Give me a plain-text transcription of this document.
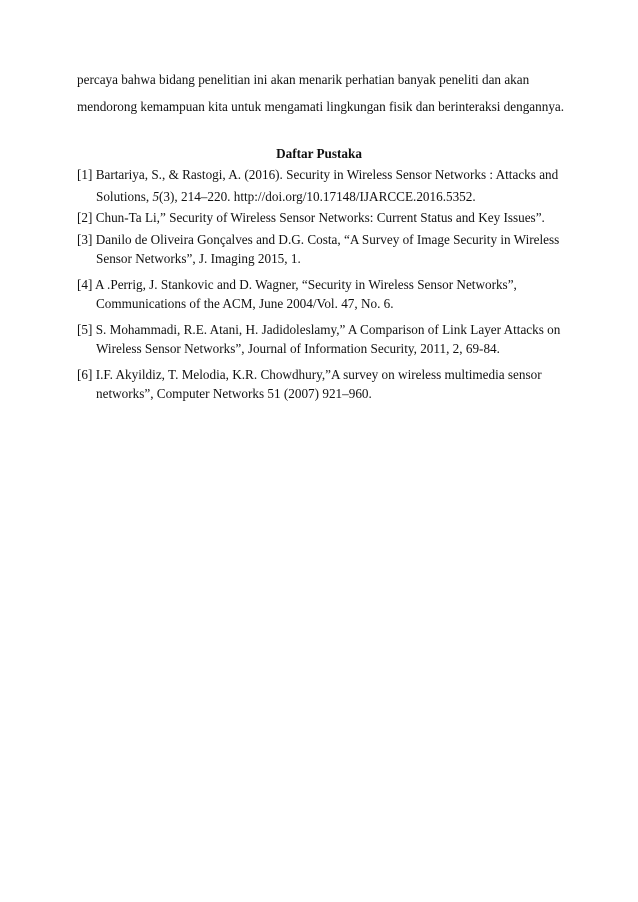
percaya bahwa bidang penelitian ini akan menarik perhatian banyak peneliti dan akan
mendorong kemampuan kita untuk mengamati lingkungan fisik dan berinteraksi dengannya.
Daftar Pustaka
[1] Bartariya, S., & Rastogi, A. (2016). Security in Wireless Sensor Networks : Attacks and
Solutions, 5(3), 214–220. http://doi.org/10.17148/IJARCCE.2016.5352.
[2] Chun-Ta Li,” Security of Wireless Sensor Networks: Current Status and Key Issues”.
[3] Danilo de Oliveira Gonçalves and D.G. Costa, “A Survey of Image Security in Wireless
Sensor Networks”, J. Imaging 2015, 1.
[4] A .Perrig, J. Stankovic and D. Wagner, “Security in Wireless Sensor Networks”,
Communications of the ACM, June 2004/Vol. 47, No. 6.
[5] S. Mohammadi, R.E. Atani, H. Jadidoleslamy,” A Comparison of Link Layer Attacks on
Wireless Sensor Networks”, Journal of Information Security, 2011, 2, 69-84.
[6] I.F. Akyildiz, T. Melodia, K.R. Chowdhury,”A survey on wireless multimedia sensor
networks”, Computer Networks 51 (2007) 921–960.
